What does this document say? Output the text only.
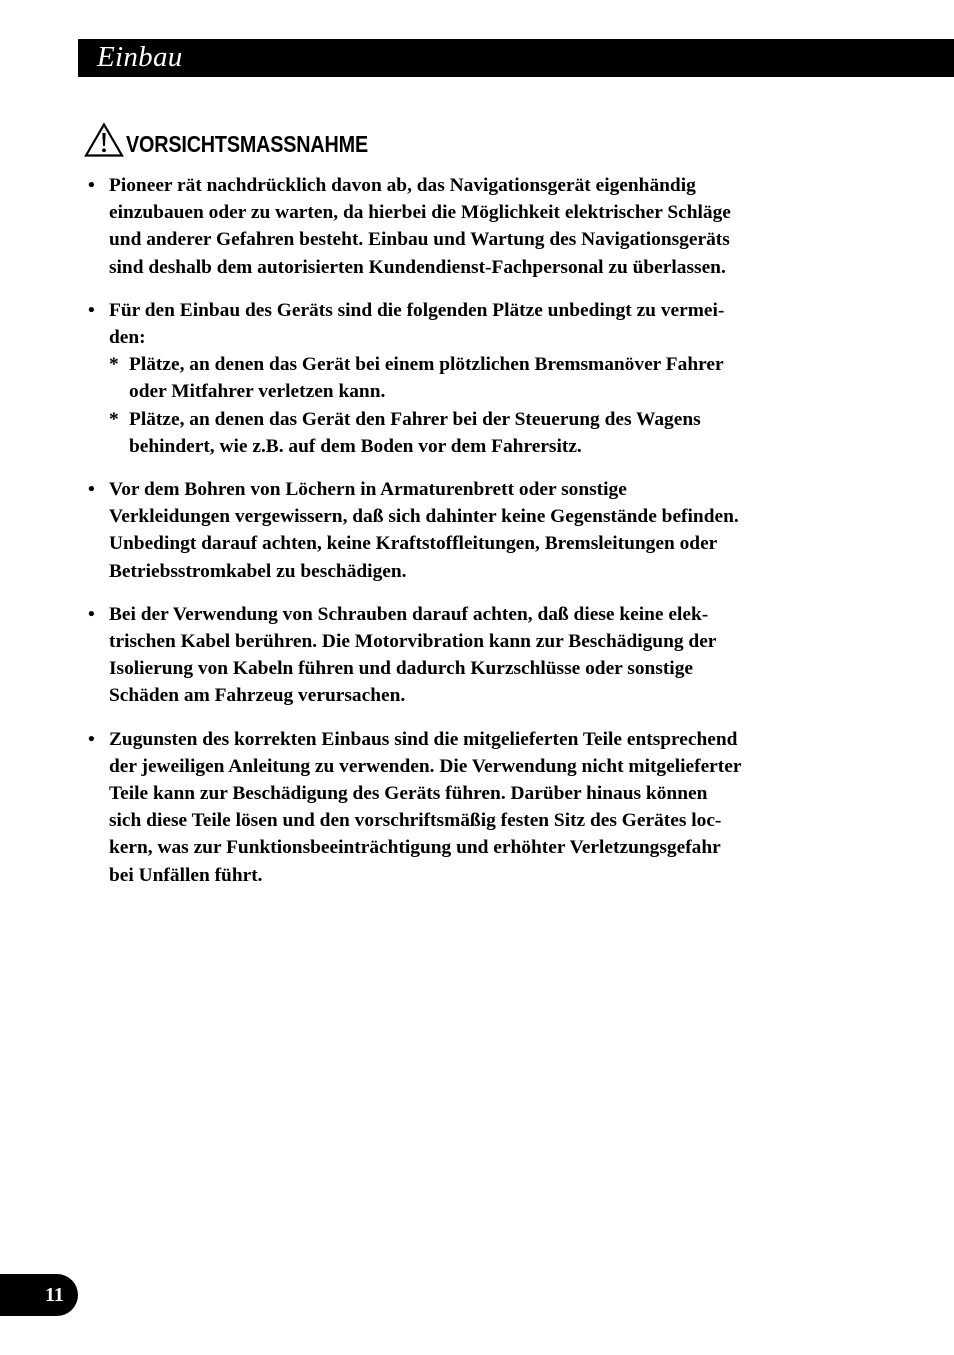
Einbau
VORSICHTSMASSNAHME
• Pioneer rät nachdrücklich davon ab, das Navigationsgerät eigenhändig
einzubauen oder zu warten, da hierbei die Möglichkeit elektrischer Schläge
und anderer Gefahren besteht. Einbau und Wartung des Navigationsgeräts
sind deshalb dem autorisierten Kundendienst-Fachpersonal zu überlassen.
• Für den Einbau des Geräts sind die folgenden Plätze unbedingt zu vermei-
den:
* Plätze, an denen das Gerät bei einem plötzlichen Bremsmanöver Fahrer
oder Mitfahrer verletzen kann.
* Plätze, an denen das Gerät den Fahrer bei der Steuerung des Wagens
behindert, wie z.B. auf dem Boden vor dem Fahrersitz.
• Vor dem Bohren von Löchern in Armaturenbrett oder sonstige
Verkleidungen vergewissern, daß sich dahinter keine Gegenstände befinden.
Unbedingt darauf achten, keine Kraftstoffleitungen, Bremsleitungen oder
Betriebsstromkabel zu beschädigen.
• Bei der Verwendung von Schrauben darauf achten, daß diese keine elek-
trischen Kabel berühren. Die Motorvibration kann zur Beschädigung der
Isolierung von Kabeln führen und dadurch Kurzschlüsse oder sonstige
Schäden am Fahrzeug verursachen.
• Zugunsten des korrekten Einbaus sind die mitgelieferten Teile entsprechend
der jeweiligen Anleitung zu verwenden. Die Verwendung nicht mitgelieferter
Teile kann zur Beschädigung des Geräts führen. Darüber hinaus können
sich diese Teile lösen und den vorschriftsmäßig festen Sitz des Gerätes loc-
kern, was zur Funktionsbeeinträchtigung und erhöhter Verletzungsgefahr
bei Unfällen führt.
11
